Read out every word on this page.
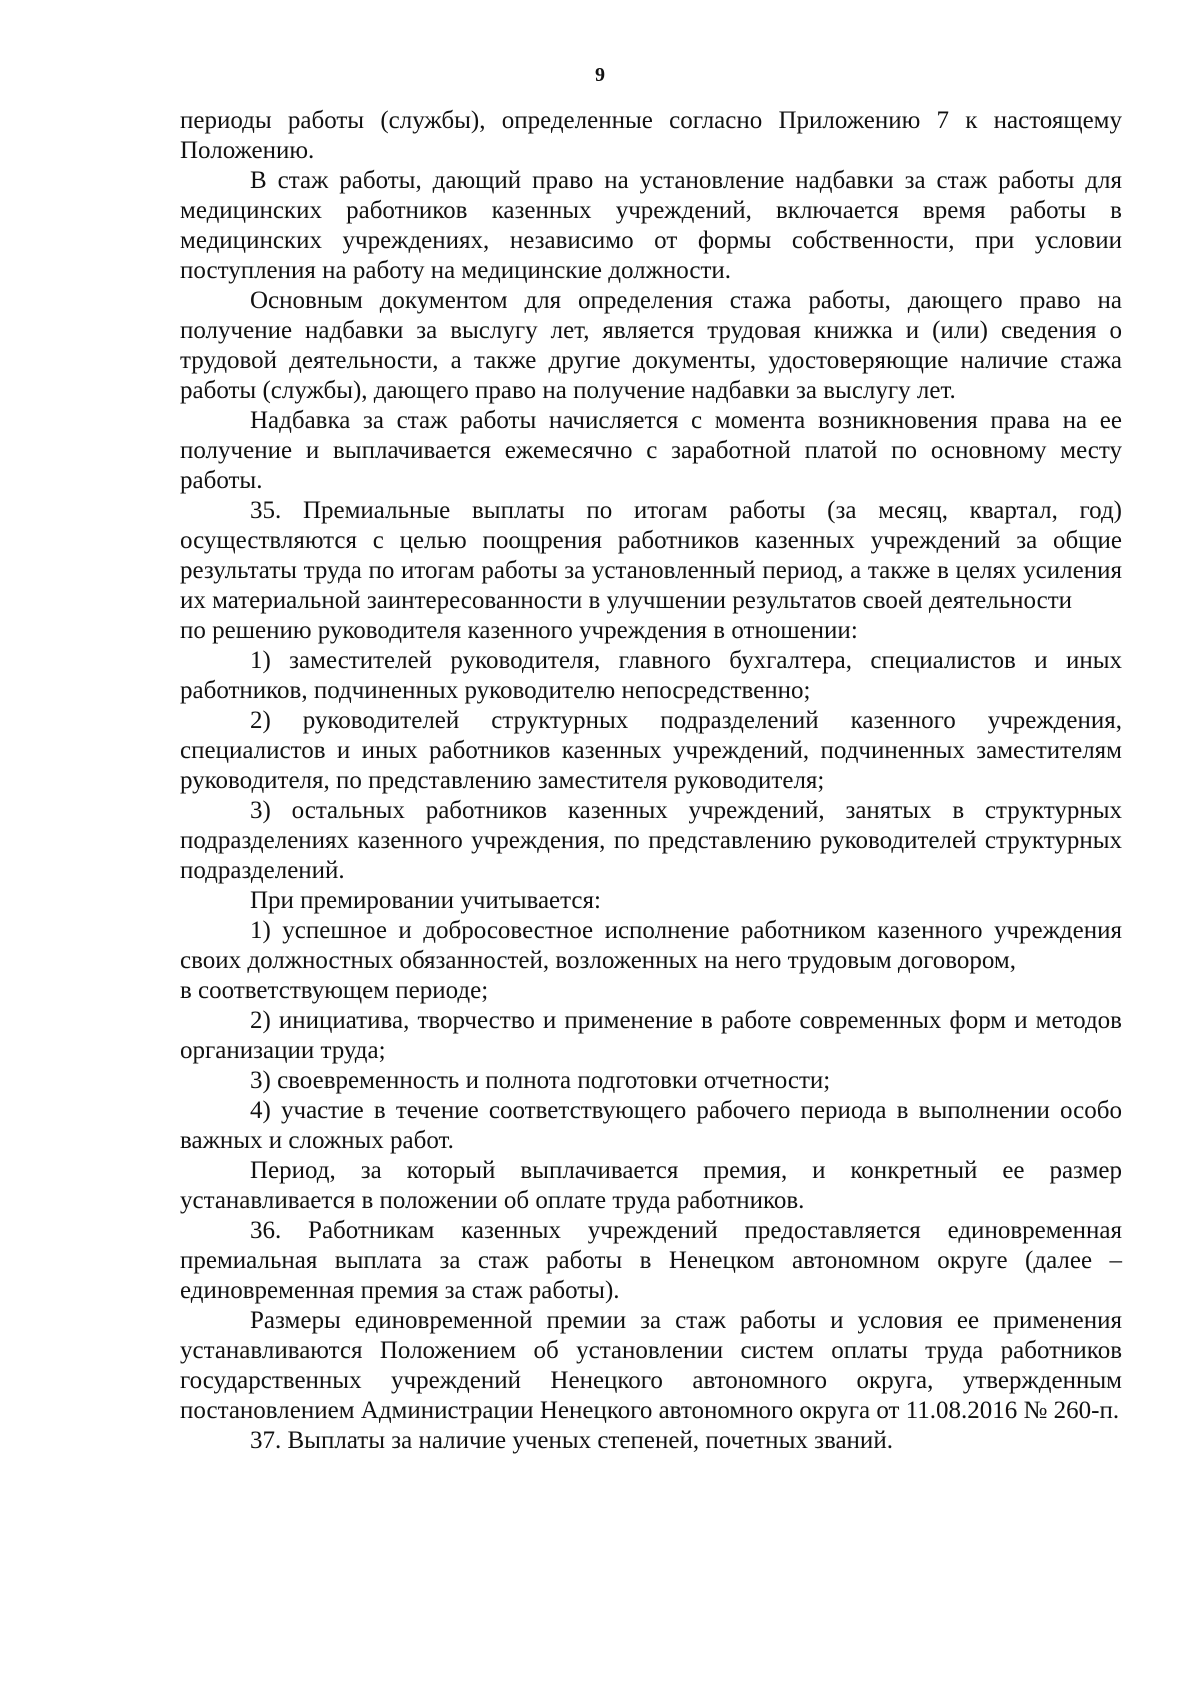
9

периоды работы (службы), определенные согласно Приложению 7 к настоящему Положению.

В стаж работы, дающий право на установление надбавки за стаж работы для медицинских работников казенных учреждений, включается время работы в медицинских учреждениях, независимо от формы собственности, при условии поступления на работу на медицинские должности.

Основным документом для определения стажа работы, дающего право на получение надбавки за выслугу лет, является трудовая книжка и (или) сведения о трудовой деятельности, а также другие документы, удостоверяющие наличие стажа работы (службы), дающего право на получение надбавки за выслугу лет.

Надбавка за стаж работы начисляется с момента возникновения права на ее получение и выплачивается ежемесячно с заработной платой по основному месту работы.

35. Премиальные выплаты по итогам работы (за месяц, квартал, год) осуществляются с целью поощрения работников казенных учреждений за общие результаты труда по итогам работы за установленный период, а также в целях усиления их материальной заинтересованности в улучшении результатов своей деятельности

по решению руководителя казенного учреждения в отношении:

1) заместителей руководителя, главного бухгалтера, специалистов и иных работников, подчиненных руководителю непосредственно;

2) руководителей структурных подразделений казенного учреждения, специалистов и иных работников казенных учреждений, подчиненных заместителям руководителя, по представлению заместителя руководителя;

3) остальных работников казенных учреждений, занятых в структурных подразделениях казенного учреждения, по представлению руководителей структурных подразделений.

При премировании учитывается:

1) успешное и добросовестное исполнение работником казенного учреждения своих должностных обязанностей, возложенных на него трудовым договором,

в соответствующем периоде;

2) инициатива, творчество и применение в работе современных форм и методов организации труда;

3) своевременность и полнота подготовки отчетности;

4) участие в течение соответствующего рабочего периода в выполнении особо важных и сложных работ.

Период, за который выплачивается премия, и конкретный ее размер устанавливается в положении об оплате труда работников.

36. Работникам казенных учреждений предоставляется единовременная премиальная выплата за стаж работы в Ненецком автономном округе (далее – единовременная премия за стаж работы).

Размеры единовременной премии за стаж работы и условия ее применения устанавливаются Положением об установлении систем оплаты труда работников государственных учреждений Ненецкого автономного округа, утвержденным постановлением Администрации Ненецкого автономного округа от 11.08.2016 № 260-п.

37. Выплаты за наличие ученых степеней, почетных званий.
